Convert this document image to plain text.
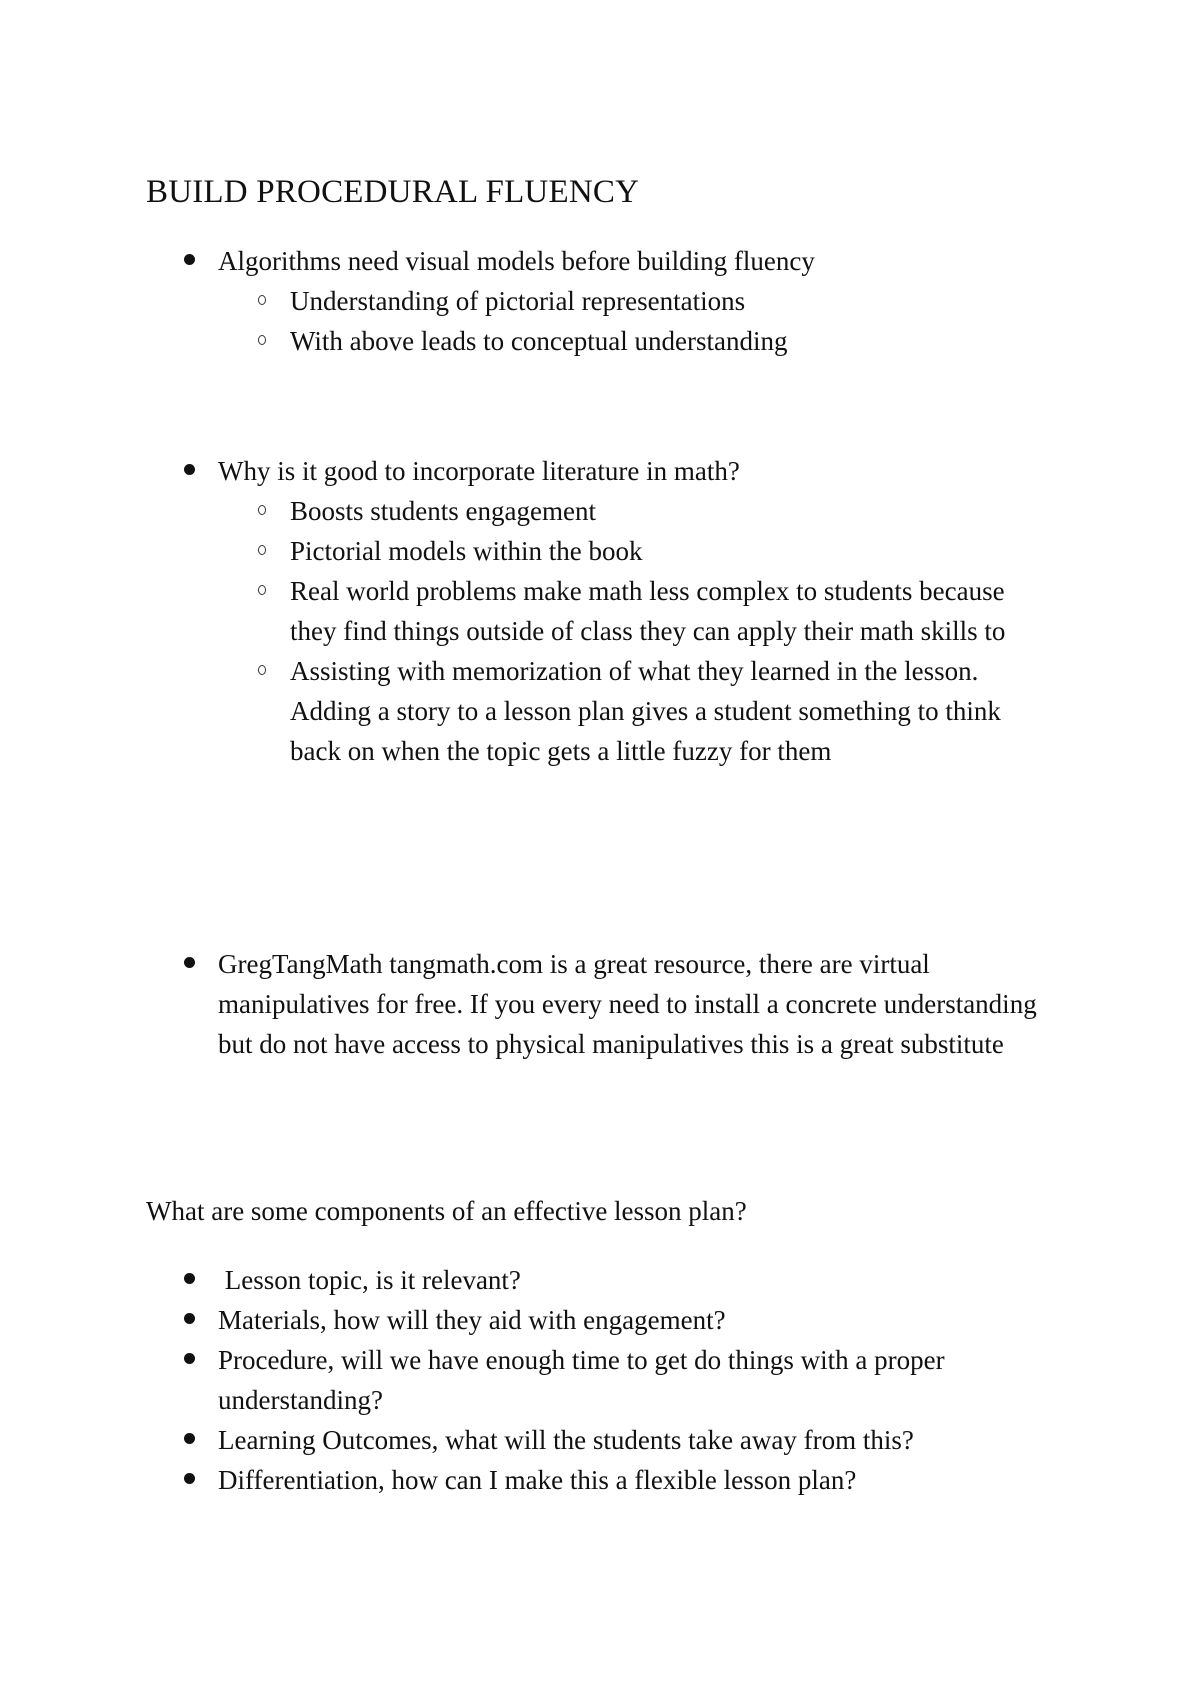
BUILD PROCEDURAL FLUENCY
Algorithms need visual models before building fluency
Understanding of pictorial representations
With above leads to conceptual understanding
Why is it good to incorporate literature in math?
Boosts students engagement
Pictorial models within the book
Real world problems make math less complex to students because they find things outside of class they can apply their math skills to
Assisting with memorization of what they learned in the lesson. Adding a story to a lesson plan gives a student something to think back on when the topic gets a little fuzzy for them
GregTangMath tangmath.com is a great resource, there are virtual manipulatives for free. If you every need to install a concrete understanding but do not have access to physical manipulatives this is a great substitute
What are some components of an effective lesson plan?
Lesson topic, is it relevant?
Materials, how will they aid with engagement?
Procedure, will we have enough time to get do things with a proper understanding?
Learning Outcomes, what will the students take away from this?
Differentiation, how can I make this a flexible lesson plan?
